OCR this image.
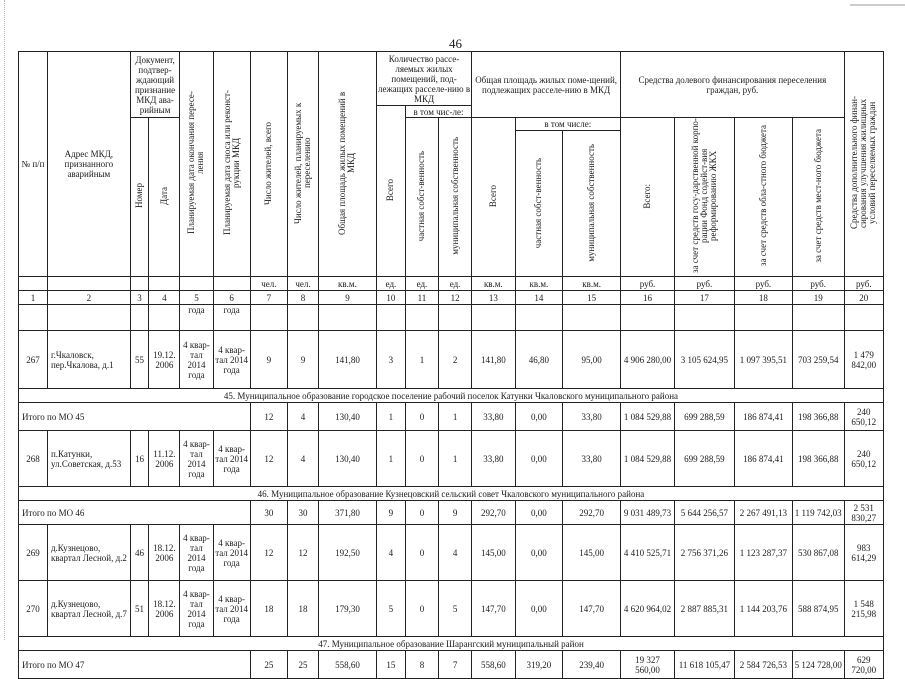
46
№ п/п	Адрес МКД, признанного аварийным	Документ, подтвер-ждающий признание МКД ава-рийным		Планируемая дата окончания пересе-ления	Планируемая дата сноса или реконст-рукции МКД	Число жителей, всего	Число жителей, планируемых к переселению	Общая площадь жилых помещений в МКД	Количество рассе-ляемых жилых помещений, под-лежащих расселе-нию в МКД			Общая площадь жилых поме-щений, подлежащих расселе-нию в МКД			Средства долевого финансирования переселения граждан, руб.				Средства дополнительного финан-сирования улучшения жилищных условий переселяемых граждан
									Всего	в том чис-ле:									
		Номер	Дата							частная собст-венность	муниципальная собственность	Всего	в том числе:		Всего:	за счет средств госу-дарственной корпо-рации Фонд содейст-вия реформированию ЖКХ	за счет средств обла-стного бюджета	за счет средств мест-ного бюджета	
													частная собст-венность	муниципальная собственность					
						чел.	чел.	кв.м.	ед.	ед.	ед.	кв.м.	кв.м.	кв.м.	руб.	руб.	руб.	руб.	руб.
1	2	3	4	5	6	7	8	9	10	11	12	13	14	15	16	17	18	19	20
				года	года														
267	г.Чкаловск, пер.Чкалова, д.1	55	19.12. 2006	4 квар-тал 2014 года	4 квар-тал 2014 года	9	9	141,80	3	1	2	141,80	46,80	95,00	4 906 280,00	3 105 624,95	1 097 395,51	703 259,54	1 479 842,00
45. Муниципальное образование городское поселение рабочий поселок Катунки Чкаловского муниципального района																			
Итого по МО 45						12	4	130,40	1	0	1	33,80	0,00	33,80	1 084 529,88	699 288,59	186 874,41	198 366,88	240 650,12
268	п.Катунки, ул.Советская, д.53	16	11.12. 2006	4 квар-тал 2014 года	4 квар-тал 2014 года	12	4	130,40	1	0	1	33,80	0,00	33,80	1 084 529,88	699 288,59	186 874,41	198 366,88	240 650,12
46. Муниципальное образование Кузнецовский сельский совет Чкаловского муниципального района																			
Итого по МО 46						30	30	371,80	9	0	9	292,70	0,00	292,70	9 031 489,73	5 644 256,57	2 267 491,13	1 119 742,03	2 531 830,27
269	д.Кузнецово, квартал Лесной, д.2	46	18.12. 2006	4 квар-тал 2014 года	4 квар-тал 2014 года	12	12	192,50	4	0	4	145,00	0,00	145,00	4 410 525,71	2 756 371,26	1 123 287,37	530 867,08	983 614,29
270	д.Кузнецово, квартал Лесной, д.7	51	18.12. 2006	4 квар-тал 2014 года	4 квар-тал 2014 года	18	18	179,30	5	0	5	147,70	0,00	147,70	4 620 964,02	2 887 885,31	1 144 203,76	588 874,95	1 548 215,98
47. Муниципальное образование Шарангский муниципальный район																			
Итого по МО 47						25	25	558,60	15	8	7	558,60	319,20	239,40	19 327 560,00	11 618 105,47	2 584 726,53	5 124 728,00	629 720,00
